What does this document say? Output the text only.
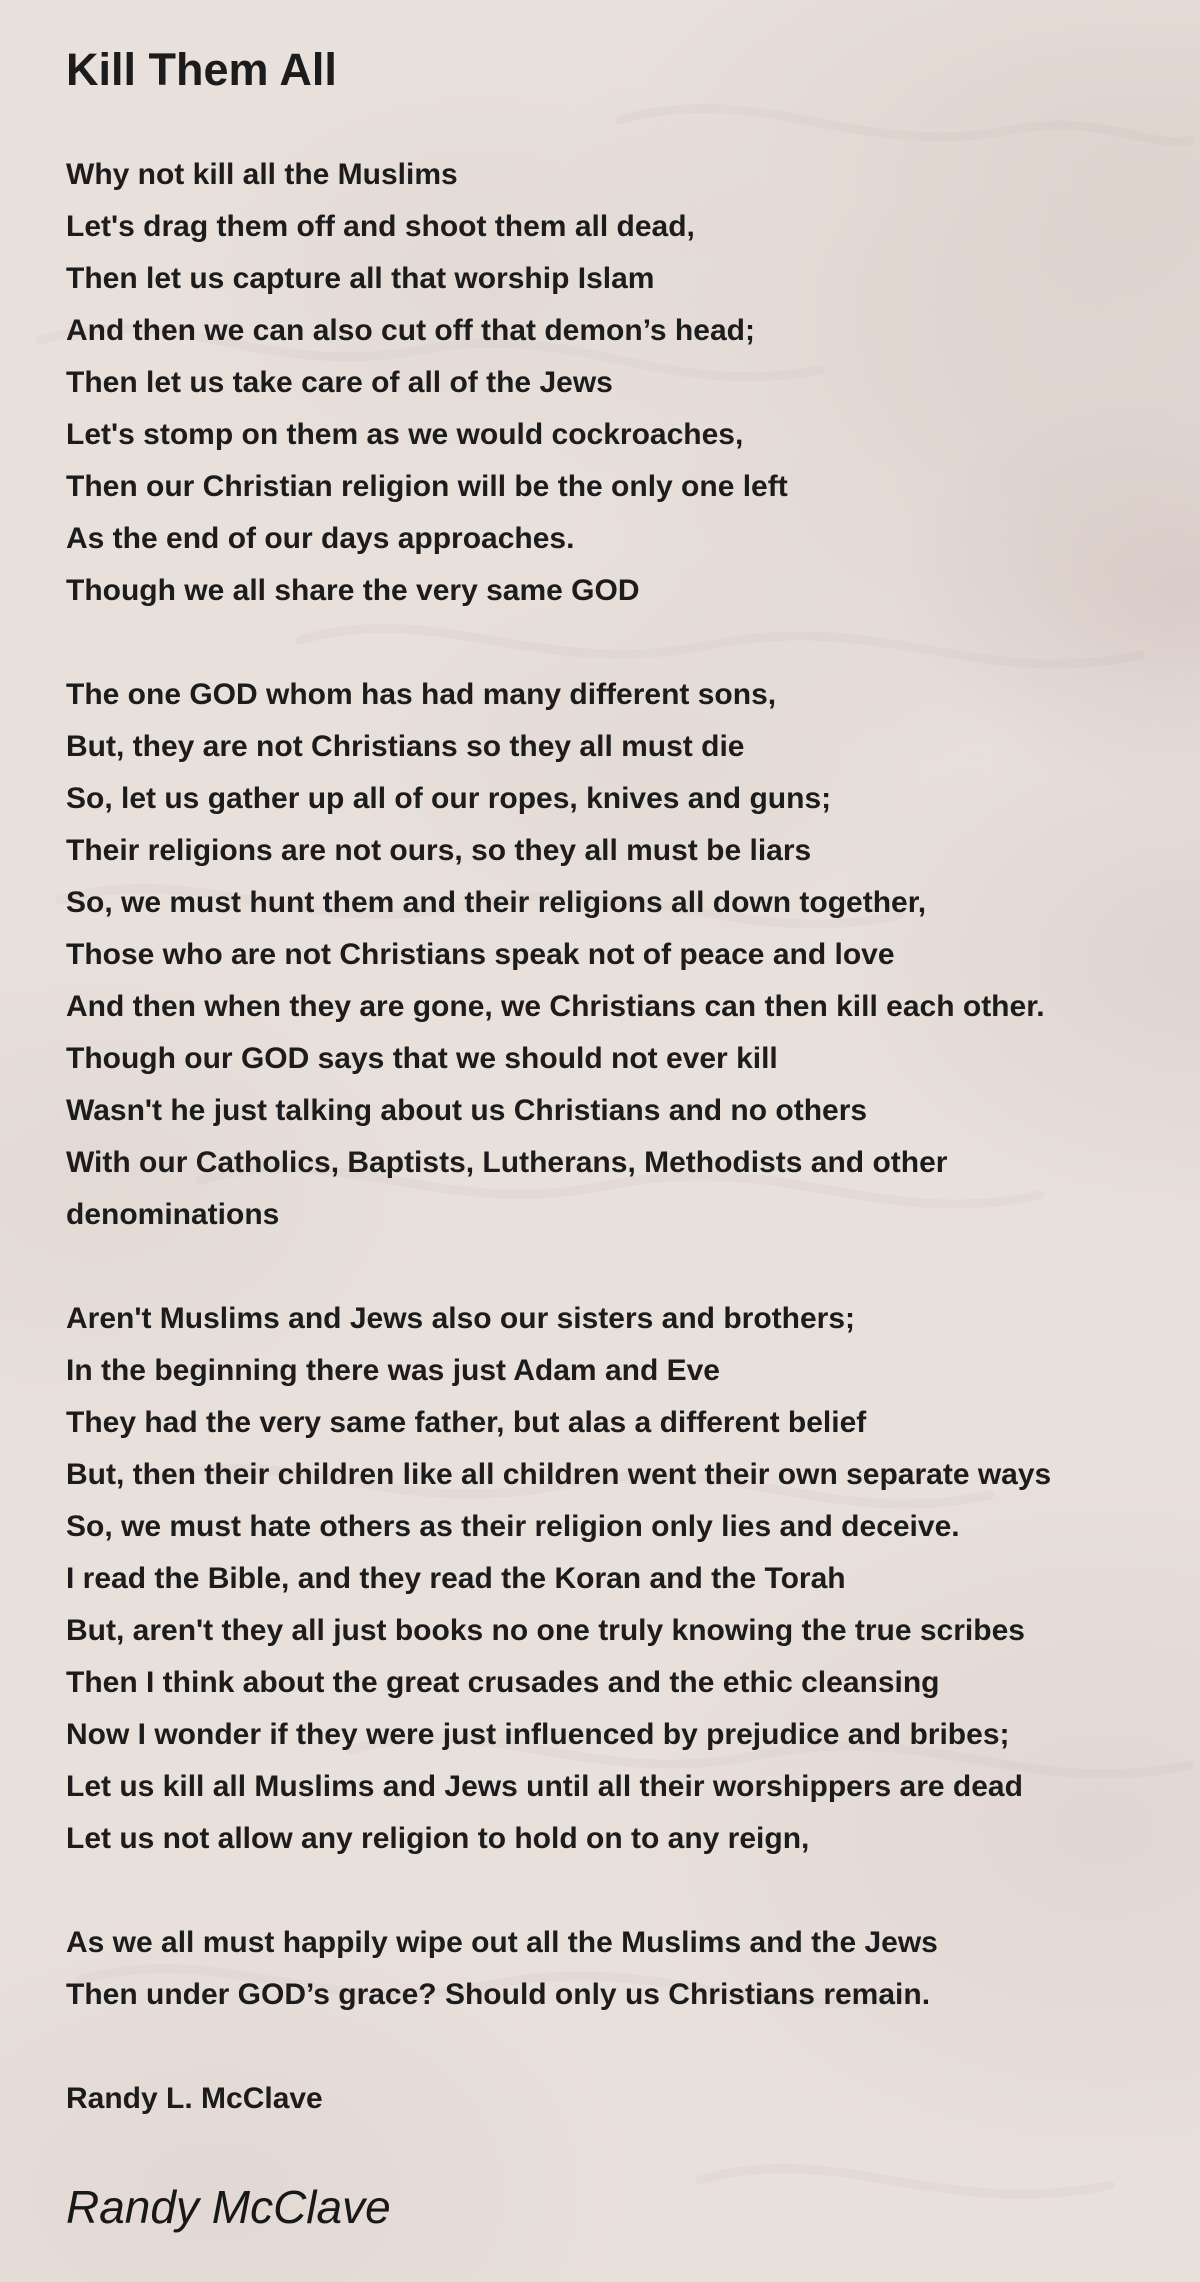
Kill Them All
Why not kill all the Muslims
Let's drag them off and shoot them all dead,
Then let us capture all that worship Islam
And then we can also cut off that demon’s head;
Then let us take care of all of the Jews
Let's stomp on them as we would cockroaches,
Then our Christian religion will be the only one left
As the end of our days approaches.
Though we all share the very same GOD
The one GOD whom has had many different sons,
But, they are not Christians so they all must die
So, let us gather up all of our ropes, knives and guns;
Their religions are not ours, so they all must be liars
So, we must hunt them and their religions all down together,
Those who are not Christians speak not of peace and love
And then when they are gone, we Christians can then kill each other.
Though our GOD says that we should not ever kill
Wasn't he just talking about us Christians and no others
With our Catholics, Baptists, Lutherans, Methodists and other
denominations
Aren't Muslims and Jews also our sisters and brothers;
In the beginning there was just Adam and Eve
They had the very same father, but alas a different belief
But, then their children like all children went their own separate ways
So, we must hate others as their religion only lies and deceive.
I read the Bible, and they read the Koran and the Torah
But, aren't they all just books no one truly knowing the true scribes
Then I think about the great crusades and the ethic cleansing
Now I wonder if they were just influenced by prejudice and bribes;
Let us kill all Muslims and Jews until all their worshippers are dead
Let us not allow any religion to hold on to any reign,
As we all must happily wipe out all the Muslims and the Jews
Then under GOD’s grace? Should only us Christians remain.
Randy L. McClave
Randy McClave
